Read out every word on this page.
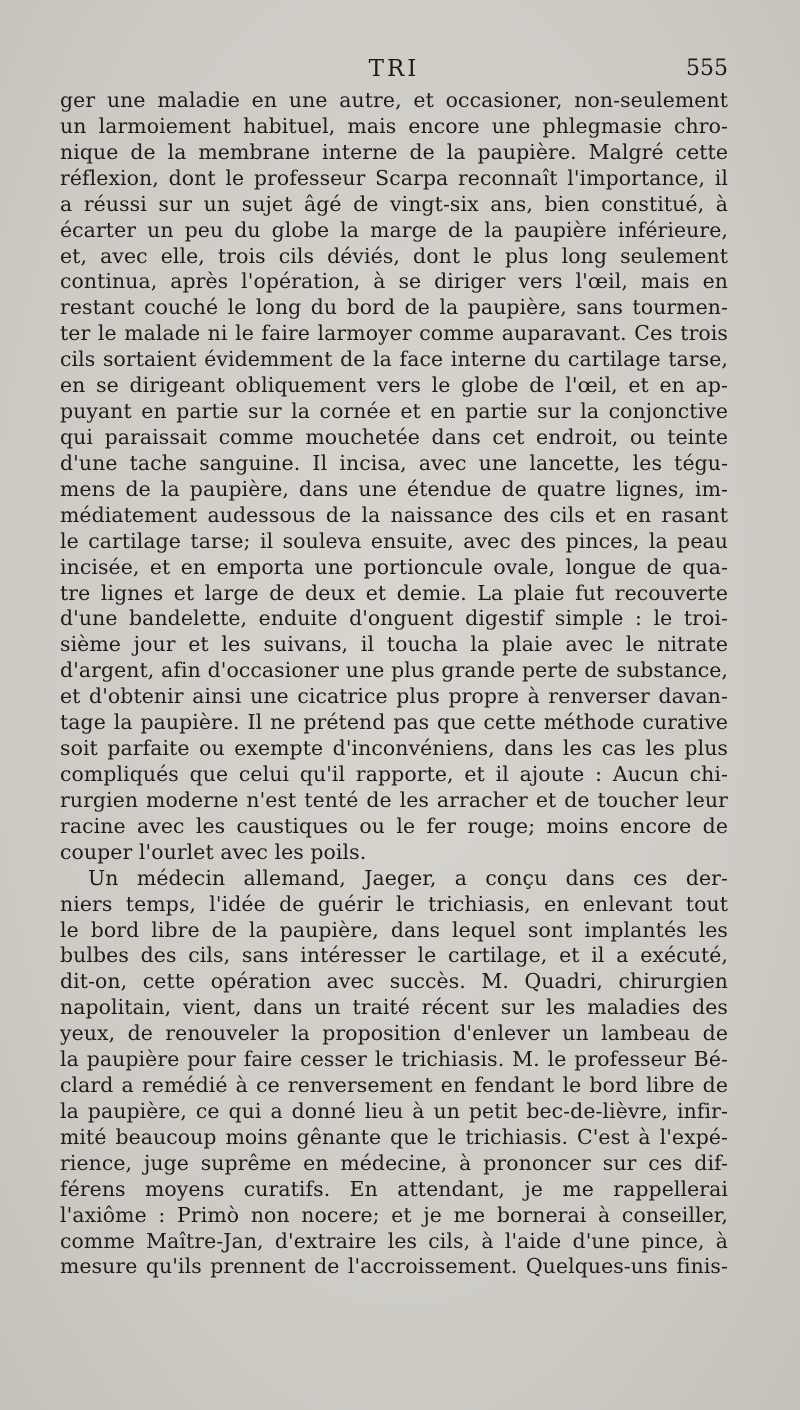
TRI	555
ger une maladie en une autre, et occasioner, non-seulement
un larmoiement habituel, mais encore une phlegmasie chro-
nique de la membrane interne de la paupière. Malgré cette
réflexion, dont le professeur Scarpa reconnaît l'importance, il
a réussi sur un sujet âgé de vingt-six ans, bien constitué, à
écarter un peu du globe la marge de la paupière inférieure,
et, avec elle, trois cils déviés, dont le plus long seulement
continua, après l'opération, à se diriger vers l'œil, mais en
restant couché le long du bord de la paupière, sans tourmen-
ter le malade ni le faire larmoyer comme auparavant. Ces trois
cils sortaient évidemment de la face interne du cartilage tarse,
en se dirigeant obliquement vers le globe de l'œil, et en ap-
puyant en partie sur la cornée et en partie sur la conjonctive
qui paraissait comme mouchetée dans cet endroit, ou teinte
d'une tache sanguine. Il incisa, avec une lancette, les tégu-
mens de la paupière, dans une étendue de quatre lignes, im-
médiatement audessous de la naissance des cils et en rasant
le cartilage tarse; il souleva ensuite, avec des pinces, la peau
incisée, et en emporta une portioncule ovale, longue de qua-
tre lignes et large de deux et demie. La plaie fut recouverte
d'une bandelette, enduite d'onguent digestif simple : le troi-
sième jour et les suivans, il toucha la plaie avec le nitrate
d'argent, afin d'occasioner une plus grande perte de substance,
et d'obtenir ainsi une cicatrice plus propre à renverser davan-
tage la paupière. Il ne prétend pas que cette méthode curative
soit parfaite ou exempte d'inconvéniens, dans les cas les plus
compliqués que celui qu'il rapporte, et il ajoute : Aucun chi-
rurgien moderne n'est tenté de les arracher et de toucher leur
racine avec les caustiques ou le fer rouge; moins encore de
couper l'ourlet avec les poils.
Un médecin allemand, Jaeger, a conçu dans ces der-
niers temps, l'idée de guérir le trichiasis, en enlevant tout
le bord libre de la paupière, dans lequel sont implantés les
bulbes des cils, sans intéresser le cartilage, et il a exécuté,
dit-on, cette opération avec succès. M. Quadri, chirurgien
napolitain, vient, dans un traité récent sur les maladies des
yeux, de renouveler la proposition d'enlever un lambeau de
la paupière pour faire cesser le trichiasis. M. le professeur Bé-
clard a remédié à ce renversement en fendant le bord libre de
la paupière, ce qui a donné lieu à un petit bec-de-lièvre, infir-
mité beaucoup moins gênante que le trichiasis. C'est à l'expé-
rience, juge suprême en médecine, à prononcer sur ces dif-
férens moyens curatifs. En attendant, je me rappellerai
l'axiôme : Primò non nocere; et je me bornerai à conseiller,
comme Maître-Jan, d'extraire les cils, à l'aide d'une pince, à
mesure qu'ils prennent de l'accroissement. Quelques-uns finis-
